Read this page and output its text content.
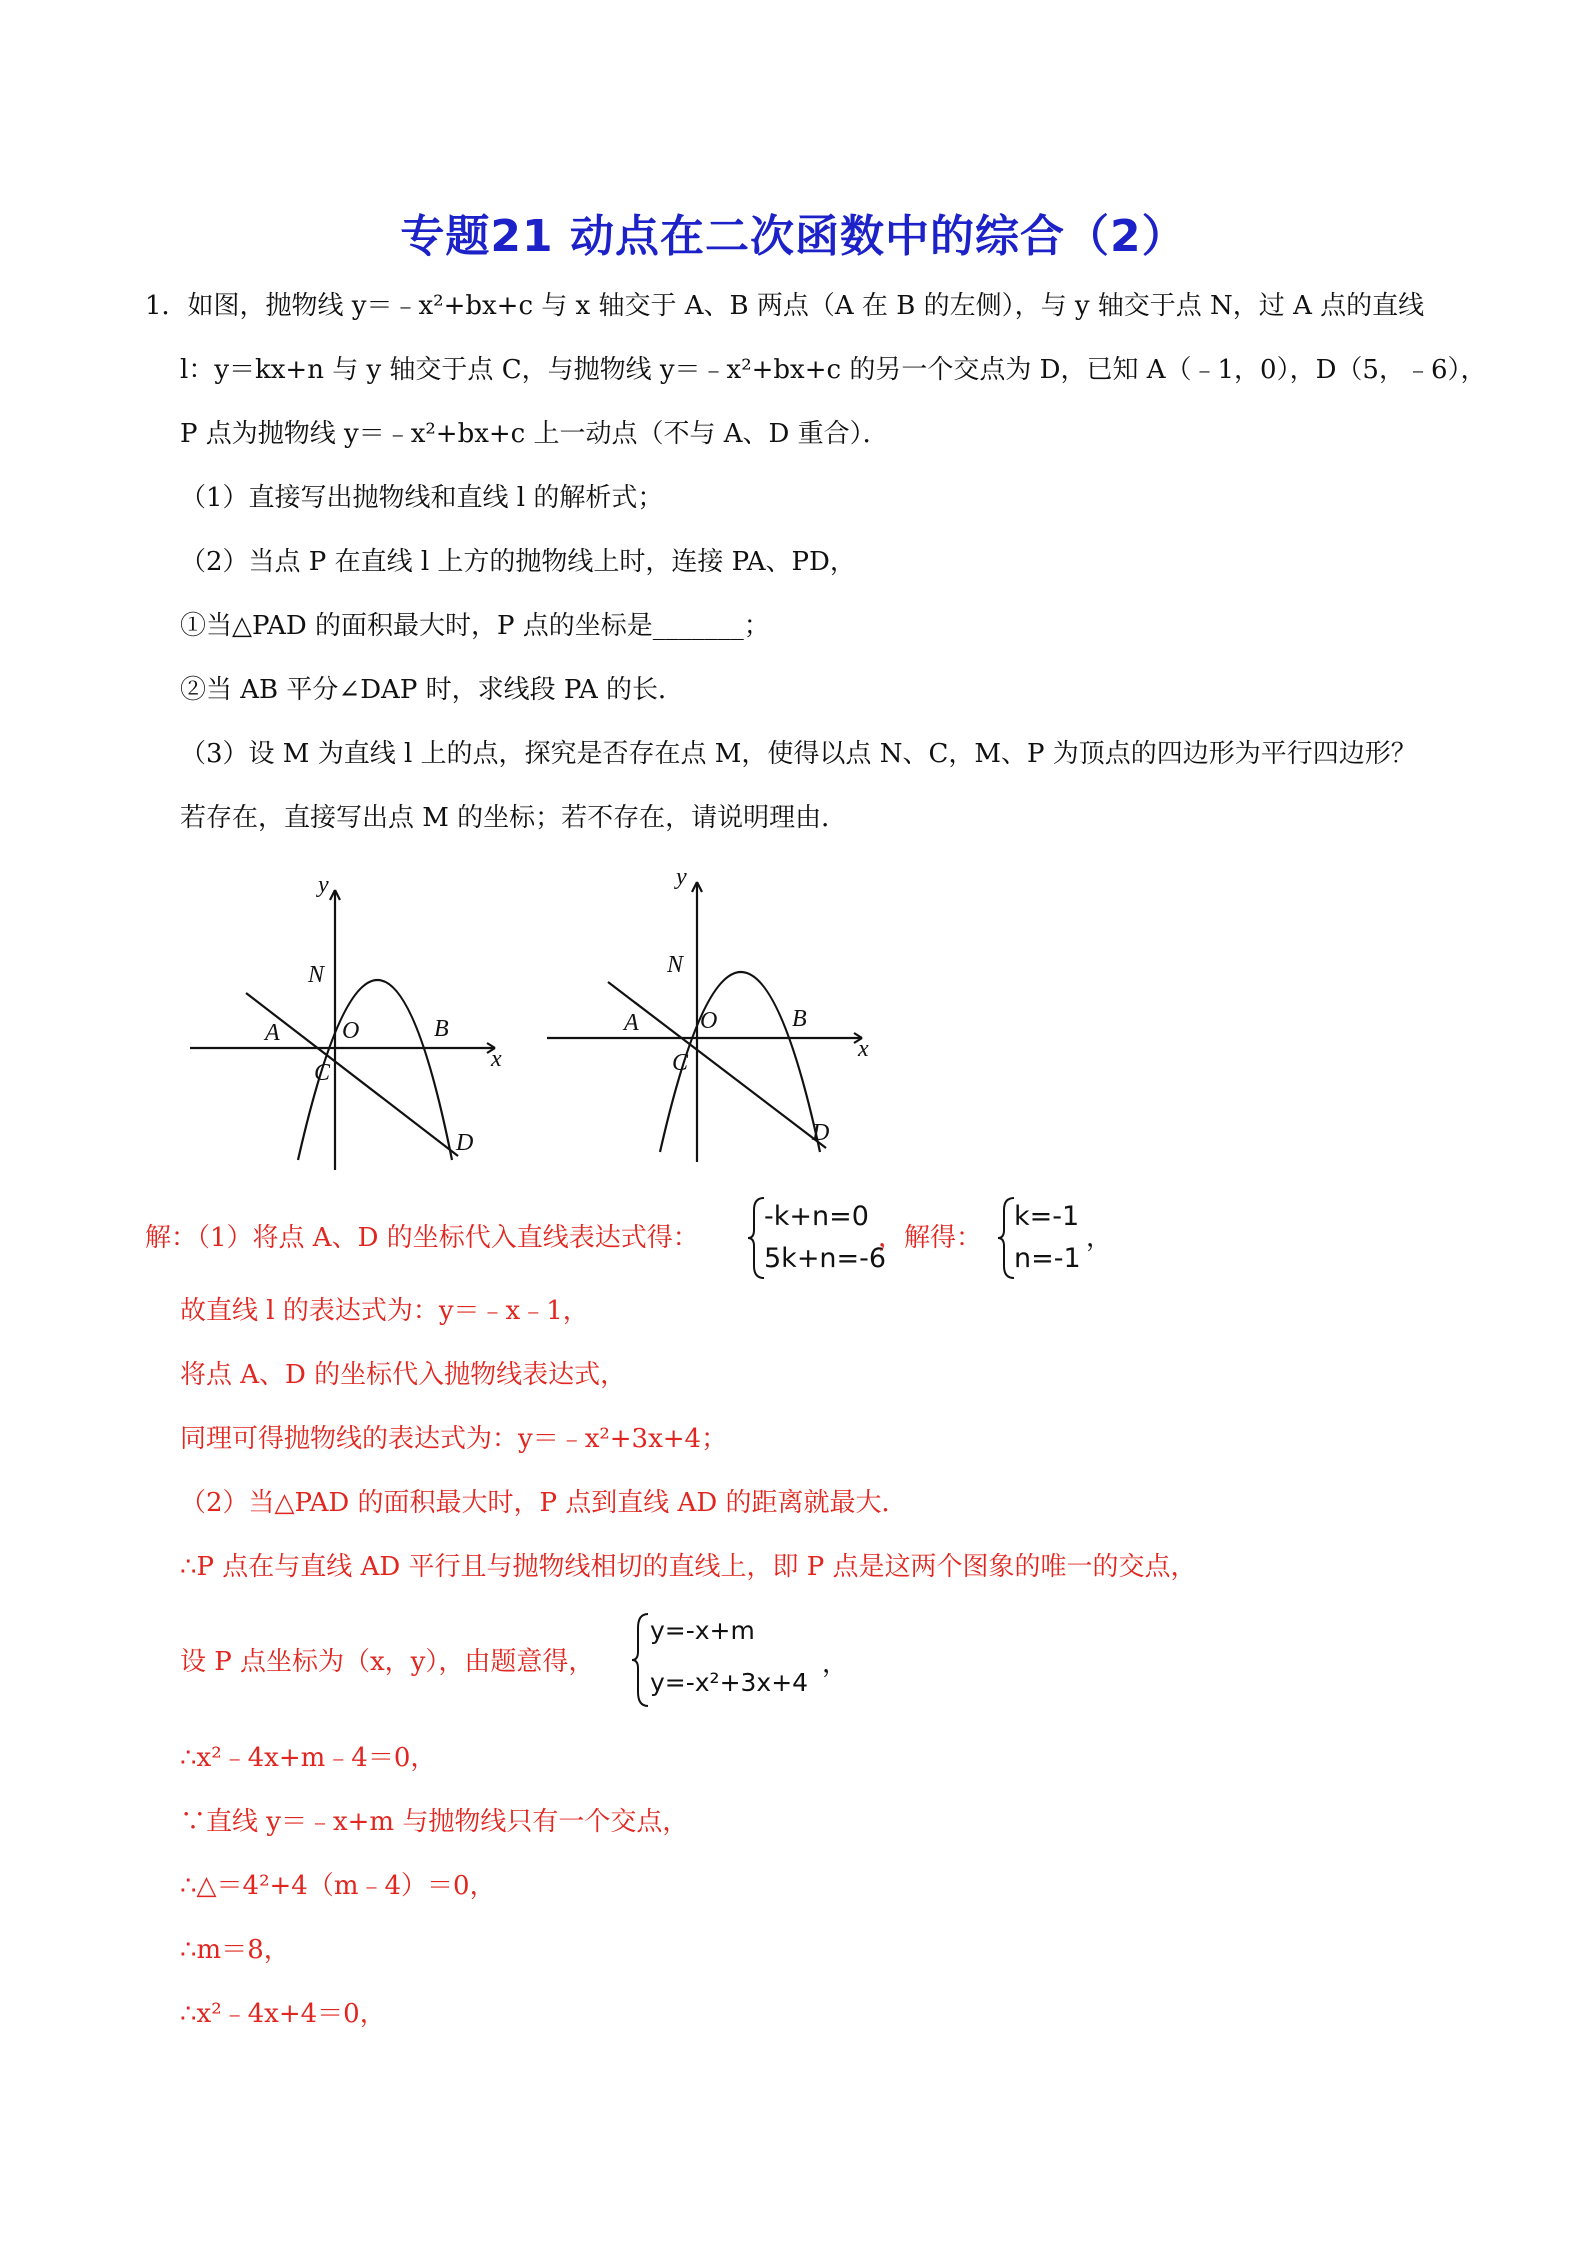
专题21 动点在二次函数中的综合（2）
1．如图，抛物线 y＝﹣x²+bx+c 与 x 轴交于 A、B 两点（A 在 B 的左侧），与 y 轴交于点 N，过 A 点的直线
l：y＝kx+n 与 y 轴交于点 C，与抛物线 y＝﹣x²+bx+c 的另一个交点为 D，已知 A（﹣1，0），D（5，﹣6），
P 点为抛物线 y＝﹣x²+bx+c 上一动点（不与 A、D 重合）．
（1）直接写出抛物线和直线 l 的解析式；
（2）当点 P 在直线 l 上方的抛物线上时，连接 PA、PD，
①当△PAD 的面积最大时，P 点的坐标是_______；
②当 AB 平分∠DAP 时，求线段 PA 的长．
（3）设 M 为直线 l 上的点，探究是否存在点 M，使得以点 N、C，M、P 为顶点的四边形为平行四边形？
若存在，直接写出点 M 的坐标；若不存在，请说明理由．
y
x
N
A	O	B
C
D
y
x
N
A	O	B
C
D
解：（1）将点 A、D 的坐标代入直线表达式得：
-k+n=0
5k+n=-6
，解得：
k=-1
n=-1
，
故直线 l 的表达式为：y＝﹣x﹣1，
将点 A、D 的坐标代入抛物线表达式，
同理可得抛物线的表达式为：y＝﹣x²+3x+4；
（2）当△PAD 的面积最大时，P 点到直线 AD 的距离就最大．
∴P 点在与直线 AD 平行且与抛物线相切的直线上，即 P 点是这两个图象的唯一的交点，
设 P 点坐标为（x，y），由题意得，
y=-x+m
y=-x²+3x+4
，
∴x²﹣4x+m﹣4＝0，
∵直线 y＝﹣x+m 与抛物线只有一个交点，
∴△＝4²+4（m﹣4）＝0，
∴m＝8，
∴x²﹣4x+4＝0，
